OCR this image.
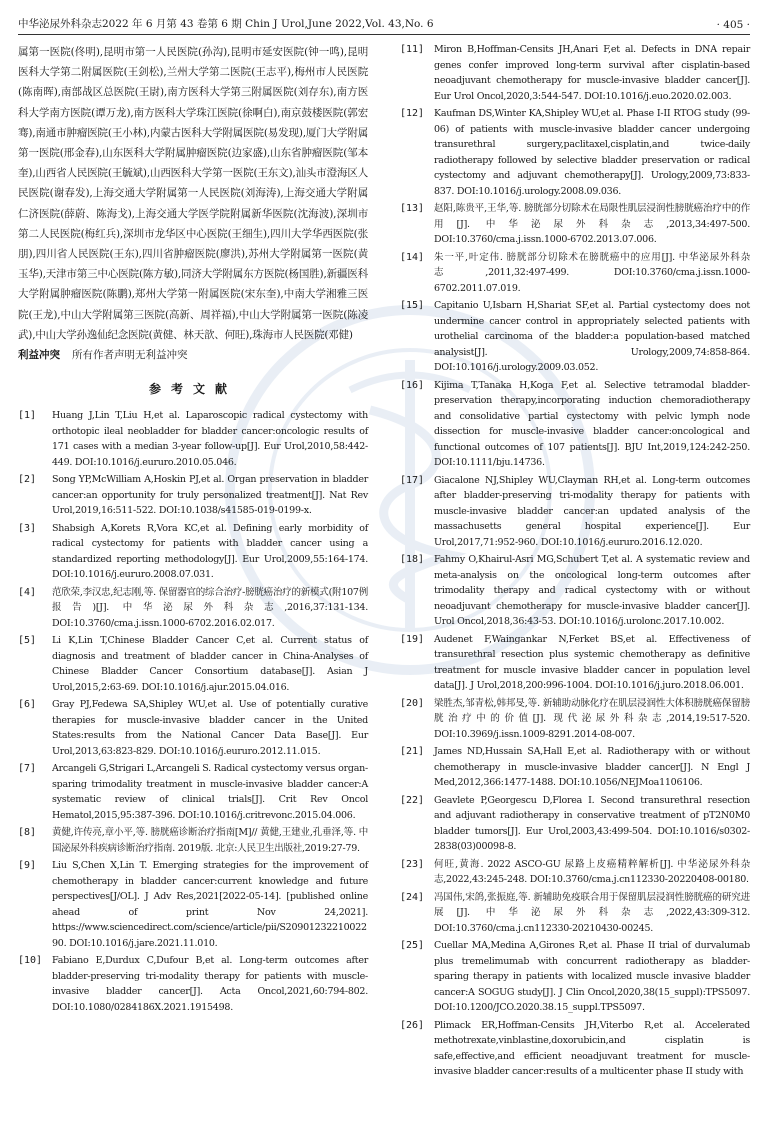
中华泌尿外科杂志2022 年 6 月第 43 卷第 6 期 Chin J Urol,June 2022,Vol. 43,No. 6	· 405 ·

属第一医院(佟明),昆明市第一人民医院(孙沟),昆明市延安医院(钟一鸣),昆明医科大学第二附属医院(王剑松),兰州大学第二医院(王志平),梅州市人民医院(陈南晖),南部战区总医院(王尉),南方医科大学第三附属医院(刘存东),南方医科大学南方医院(谭万龙),南方医科大学珠江医院(徐啊白),南京鼓楼医院(郭宏骞),南通市肿瘤医院(王小林),内蒙古医科大学附属医院(易发现),厦门大学附属第一医院(邢金春),山东医科大学附属肿瘤医院(边家盛),山东省肿瘤医院(邹本奎),山西省人民医院(王毓斌),山西医科大学第一医院(王东文),汕头市澄海区人民医院(谢春发),上海交通大学附属第一人民医院(刘海涛),上海交通大学附属仁济医院(薛蔚、陈海戈),上海交通大学医学院附属新华医院(沈海波),深圳市第二人民医院(梅红兵),深圳市龙华区中心医院(王细生),四川大学华西医院(张朋),四川省人民医院(王东),四川省肿瘤医院(廖洪),苏州大学附属第一医院(黄玉华),天津市第三中心医院(陈方敏),同济大学附属东方医院(杨国胜),新疆医科大学附属肿瘤医院(陈鹏),郑州大学第一附属医院(宋东奎),中南大学湘雅三医院(王龙),中山大学附属第三医院(高新、周祥福),中山大学附属第一医院(陈凌武),中山大学孙逸仙纪念医院(黄健、林天歆、何旺),珠海市人民医院(邓健)

利益冲突 所有作者声明无利益冲突

参考文献
[1]	Huang J,Lin T,Liu H,et al. Laparoscopic radical cystectomy with orthotopic ileal neobladder for bladder cancer:oncologic results of 171 cases with a median 3-year follow-up[J]. Eur Urol,2010,58:442-449. DOI:10.1016/j.eururo.2010.05.046.
[2]	Song YP,McWilliam A,Hoskin PJ,et al. Organ preservation in bladder cancer:an opportunity for truly personalized treatment[J]. Nat Rev Urol,2019,16:511-522. DOI:10.1038/s41585-019-0199-x.
[3]	Shabsigh A,Korets R,Vora KC,et al. Defining early morbidity of radical cystectomy for patients with bladder cancer using a standardized reporting methodology[J]. Eur Urol,2009,55:164-174. DOI:10.1016/j.eururo.2008.07.031.
[4]	范欣荣,李汉忠,纪志刚,等. 保留器官的综合治疗-膀胱癌治疗的新模式(附107例报告)[J]. 中华泌尿外科杂志,2016,37:131-134. DOI:10.3760/cma.j.issn.1000-6702.2016.02.017.
[5]	Li K,Lin T,Chinese Bladder Cancer C,et al. Current status of diagnosis and treatment of bladder cancer in China-Analyses of Chinese Bladder Cancer Consortium database[J]. Asian J Urol,2015,2:63-69. DOI:10.1016/j.ajur.2015.04.016.
[6]	Gray PJ,Fedewa SA,Shipley WU,et al. Use of potentially curative therapies for muscle-invasive bladder cancer in the United States:results from the National Cancer Data Base[J]. Eur Urol,2013,63:823-829. DOI:10.1016/j.eururo.2012.11.015.
[7]	Arcangeli G,Strigari L,Arcangeli S. Radical cystectomy versus organ-sparing trimodality treatment in muscle-invasive bladder cancer:A systematic review of clinical trials[J]. Crit Rev Oncol Hematol,2015,95:387-396. DOI:10.1016/j.critrevonc.2015.04.006.
[8]	黄健,许传亮,章小平,等. 膀胱癌诊断治疗指南[M]// 黄健,王建业,孔垂泽,等. 中国泌尿外科疾病诊断治疗指南. 2019版. 北京:人民卫生出版社,2019:27-79.
[9]	Liu S,Chen X,Lin T. Emerging strategies for the improvement of chemotherapy in bladder cancer:current knowledge and future perspectives[J/OL]. J Adv Res,2021[2022-05-14]. [published online ahead of print Nov 24,2021]. https://www.sciencedirect.com/science/article/pii/S2090123221002290. DOI:10.1016/j.jare.2021.11.010.
[10]	Fabiano E,Durdux C,Dufour B,et al. Long-term outcomes after bladder-preserving tri-modality therapy for patients with muscle-invasive bladder cancer[J]. Acta Oncol,2021,60:794-802. DOI:10.1080/0284186X.2021.1915498.
[11]	Miron B,Hoffman-Censits JH,Anari F,et al. Defects in DNA repair genes confer improved long-term survival after cisplatin-based neoadjuvant chemotherapy for muscle-invasive bladder cancer[J]. Eur Urol Oncol,2020,3:544-547. DOI:10.1016/j.euo.2020.02.003.
[12]	Kaufman DS,Winter KA,Shipley WU,et al. Phase I-II RTOG study (99-06) of patients with muscle-invasive bladder cancer undergoing transurethral surgery,paclitaxel,cisplatin,and twice-daily radiotherapy followed by selective bladder preservation or radical cystectomy and adjuvant chemotherapy[J]. Urology,2009,73:833-837. DOI:10.1016/j.urology.2008.09.036.
[13]	赵阳,陈贵平,王华,等. 膀胱部分切除术在局限性肌层浸润性膀胱癌治疗中的作用[J]. 中华泌尿外科杂志,2013,34:497-500. DOI:10.3760/cma.j.issn.1000-6702.2013.07.006.
[14]	朱一平,叶定伟. 膀胱部分切除术在膀胱癌中的应用[J]. 中华泌尿外科杂志,2011,32:497-499. DOI:10.3760/cma.j.issn.1000-6702.2011.07.019.
[15]	Capitanio U,Isbarn H,Shariat SF,et al. Partial cystectomy does not undermine cancer control in appropriately selected patients with urothelial carcinoma of the bladder:a population-based matched analysist[J]. Urology,2009,74:858-864. DOI:10.1016/j.urology.2009.03.052.
[16]	Kijima T,Tanaka H,Koga F,et al. Selective tetramodal bladder-preservation therapy,incorporating induction chemoradiotherapy and consolidative partial cystectomy with pelvic lymph node dissection for muscle-invasive bladder cancer:oncological and functional outcomes of 107 patients[J]. BJU Int,2019,124:242-250. DOI:10.1111/bju.14736.
[17]	Giacalone NJ,Shipley WU,Clayman RH,et al. Long-term outcomes after bladder-preserving tri-modality therapy for patients with muscle-invasive bladder cancer:an updated analysis of the massachusetts general hospital experience[J]. Eur Urol,2017,71:952-960. DOI:10.1016/j.eururo.2016.12.020.
[18]	Fahmy O,Khairul-Asri MG,Schubert T,et al. A systematic review and meta-analysis on the oncological long-term outcomes after trimodality therapy and radical cystectomy with or without neoadjuvant chemotherapy for muscle-invasive bladder cancer[J]. Urol Oncol,2018,36:43-53. DOI:10.1016/j.urolonc.2017.10.002.
[19]	Audenet F,Waingankar N,Ferket BS,et al. Effectiveness of transurethral resection plus systemic chemotherapy as definitive treatment for muscle invasive bladder cancer in population level data[J]. J Urol,2018,200:996-1004. DOI:10.1016/j.juro.2018.06.001.
[20]	梁胜杰,邹青松,韩邦旻,等. 新辅助动脉化疗在肌层浸润性大体积膀胱癌保留膀胱治疗中的价值[J]. 现代泌尿外科杂志,2014,19:517-520. DOI:10.3969/j.issn.1009-8291.2014-08-007.
[21]	James ND,Hussain SA,Hall E,et al. Radiotherapy with or without chemotherapy in muscle-invasive bladder cancer[J]. N Engl J Med,2012,366:1477-1488. DOI:10.1056/NEJMoa1106106.
[22]	Geavlete P,Georgescu D,Florea I. Second transurethral resection and adjuvant radiotherapy in conservative treatment of pT2N0M0 bladder tumors[J]. Eur Urol,2003,43:499-504. DOI:10.1016/s0302-2838(03)00098-8.
[23]	何旺,黄海. 2022 ASCO-GU 尿路上皮癌精粹解析[J]. 中华泌尿外科杂志,2022,43:245-248. DOI:10.3760/cma.j.cn112330-20220408-00180.
[24]	冯国伟,宋鸽,张振庭,等. 新辅助免疫联合用于保留肌层浸润性膀胱癌的研究进展[J]. 中华泌尿外科杂志,2022,43:309-312. DOI:10.3760/cma.j.cn112330-20210430-00245.
[25]	Cuellar MA,Medina A,Girones R,et al. Phase II trial of durvalumab plus tremelimumab with concurrent radiotherapy as bladder-sparing therapy in patients with localized muscle invasive bladder cancer:A SOGUG study[J]. J Clin Oncol,2020,38(15_suppl):TPS5097. DOI:10.1200/JCO.2020.38.15_suppl.TPS5097.
[26]	Plimack ER,Hoffman-Censits JH,Viterbo R,et al. Accelerated methotrexate,vinblastine,doxorubicin,and cisplatin is safe,effective,and efficient neoadjuvant treatment for muscle-invasive bladder cancer:results of a multicenter phase II study with
